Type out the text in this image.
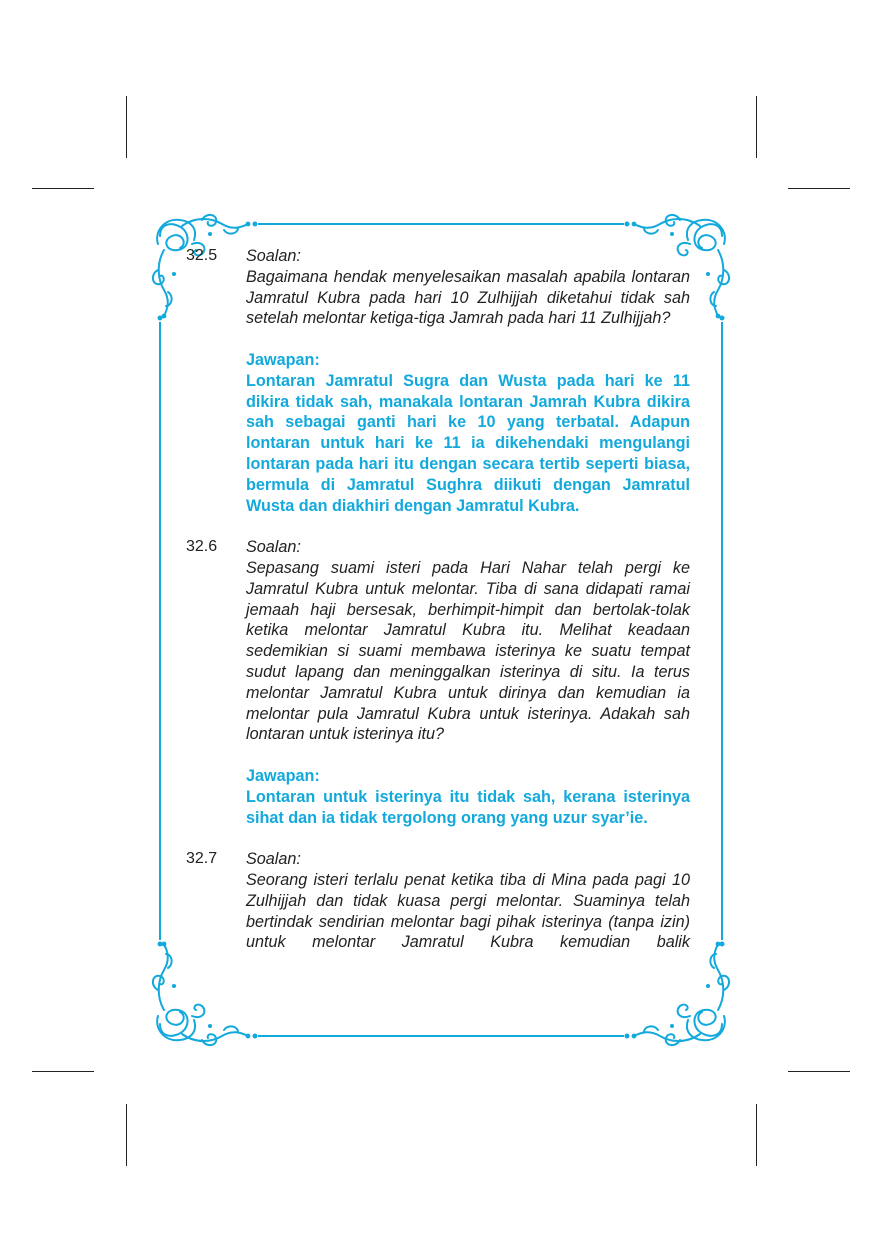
32.5 Soalan:

Bagaimana hendak menyelesaikan masalah apabila lontaran Jamratul Kubra pada hari 10 Zulhijjah diketahui tidak sah setelah melontar ketiga-tiga Jamrah pada hari 11 Zulhijjah?

Jawapan:

Lontaran Jamratul Sugra dan Wusta pada hari ke 11 dikira tidak sah, manakala lontaran Jamrah Kubra dikira sah sebagai ganti hari ke 10 yang terbatal. Adapun lontaran untuk hari ke 11 ia dikehendaki mengulangi lontaran pada hari itu dengan secara tertib seperti biasa, bermula di Jamratul Sughra diikuti dengan Jamratul Wusta dan diakhiri dengan Jamratul Kubra.

32.6 Soalan:

Sepasang suami isteri pada Hari Nahar telah pergi ke Jamratul Kubra untuk melontar. Tiba di sana didapati ramai jemaah haji bersesak, berhimpit-himpit dan bertolak-tolak ketika melontar Jamratul Kubra itu. Melihat keadaan sedemikian si suami membawa isterinya ke suatu tempat sudut lapang dan meninggalkan isterinya di situ. Ia terus melontar Jamratul Kubra untuk dirinya dan kemudian ia melontar pula Jamratul Kubra untuk isterinya. Adakah sah lontaran untuk isterinya itu?

Jawapan:

Lontaran untuk isterinya itu tidak sah, kerana isterinya sihat dan ia tidak tergolong orang yang uzur syar’ie.

32.7 Soalan:

Seorang isteri terlalu penat ketika tiba di Mina pada pagi 10 Zulhijjah dan tidak kuasa pergi melontar. Suaminya telah bertindak sendirian melontar bagi pihak isterinya (tanpa izin) untuk melontar Jamratul Kubra kemudian balik
